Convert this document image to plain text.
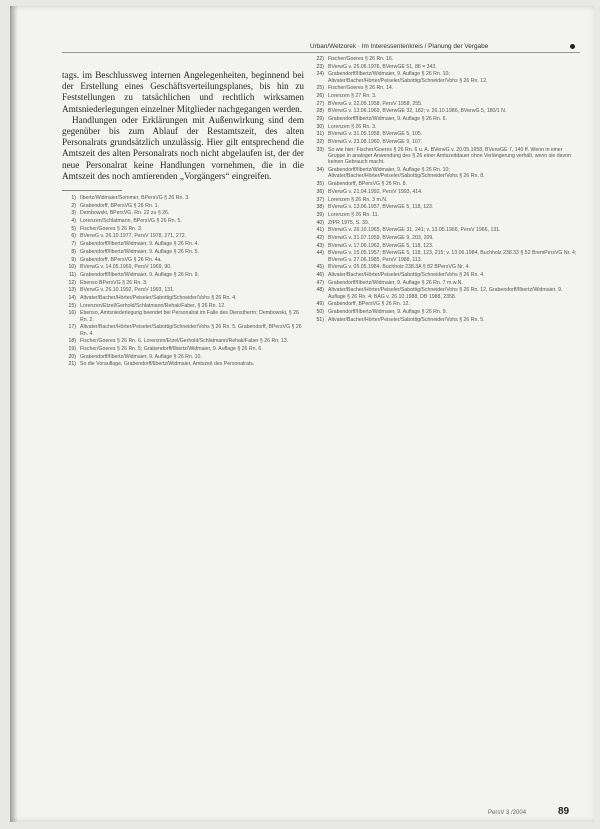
Urban/Wetzorek · Im Interessentenkreis / Planung der Vergabe

tags. im Beschlussweg internen Angelegenheiten, beginnend bei der Erstellung eines Geschäftsverteilungsplanes, bis hin zu Feststellungen zu tatsächlichen und rechtlich wirksamen Amtsniederlegungen einzelner Mitglieder nachgegangen werden.

Handlungen oder Erklärungen mit Außenwirkung sind dem gegenüber bis zum Ablauf der Restamtszeit, des alten Personalrats grundsätzlich unzulässig. Hier gilt entsprechend die Amtszeit des alten Personalrats noch nicht abgelaufen ist, der der neue Personalrat keine Handlungen vornehmen, die in die Amtszeit des noch amtierenden „Vorgängers“ eingreifen.

1) Ilbertz/Widmaier/Sommer, BPersVG § 26 Rn. 3.
2) Grabendorff, BPersVG § 26 Rn. 1.
3) Dembowski, BPersVG, Rn. 22 zu § 26.
4) Lorenzen/Schlatmann, BPersVG § 26 Rn. 5.
5) Fischer/Goeres § 26 Rn. 3.
6) BVerwG v. 26.10.1977, PersV 1978, 271, 272.
7) Grabendorff/Ilbertz/Widmaier, 9. Auflage § 26 Rn. 4.
8) Grabendorff/Ilbertz/Widmaier, 9. Auflage § 26 Rn. 5.
9) Grabendorff, BPersVG § 26 Rn. 4a.
10) BVerwG v. 14.05.1969, PersV 1969, 90.
11) Grabendorff/Ilbertz/Widmaier, 9. Auflage § 26 Rn. 9.
12) Ebenso BPersVG § 26 Rn. 3.
13) BVerwG v. 26.10.1992, PersV 1993, 131.
14) Altvater/Bacher/Hörter/Peiseler/Sabottig/Schneider/Vohs § 26 Rn. 4.
15) Lorenzen/Etzel/Gerhold/Schlatmann/Rehak/Faber, § 26 Rn. 12.
16) Ebenso, Amtsniederlegung beendet bei Personalrat im Falle des Dienstherrn; Dembowski, § 26 Rn. 2.
17) Altvater/Bacher/Hörter/Peiseler/Sabottig/Schneider/Vohs § 26 Rn. 5. Grabendorff, BPersVG § 26 Rn. 4.
18) Fischer/Goeres § 26 Rn. 6. Lorenzen/Etzel/Gerhold/Schlatmann/Rehak/Faber § 26 Rn. 13.
19) Fischer/Goeres § 26 Rn. 5; Grabendorff/Ilbertz/Widmaier, 9. Auflage § 26 Rn. 6.
20) Grabendorff/Ilbertz/Widmaier, 9. Auflage § 26 Rn. 10.
21) So die Vorauflage, Grabendorff/Ilbertz/Widmaier, Amtszeit des Personalrats.
22) Fischer/Goeres § 26 Rn. 16.
23) BVerwG v. 25.06.1976, BVerwGE 51, 86 = 343.
24) Grabendorff/Ilbertz/Widmaier, 9. Auflage § 26 Rn. 10; Altvater/Bacher/Hörter/Peiseler/Sabottig/Schneider/Vohs § 26 Rn. 12.
25) Fischer/Goeres § 26 Rn. 14.
26) Lorenzen § 27 Rn. 3.
27) BVerwG v. 22.09.1958, PersV 1958, 255.
28) BVerwG v. 13.06.1969, BVerwGE 32, 182; v. 26.10.1986, BVerwG 5, 180/1 N.
29) Grabendorff/Ilbertz/Widmaier, 9. Auflage § 26 Rn. 6.
30) Lorenzen § 26 Rn. 3.
31) BVerwG v. 31.05.1958, BVerwGE 5, 105.
32) BVerwG v. 23.08.1960, BVerwGE 9, 107.
33) So wie hier: Fischer/Goeres § 26 Rn. 6 u. A. BVerwG v. 20.05.1958, BVerwGE 7, 140 ff. Wenn in einer Gruppe in analoger Anwendung des § 26 einer Amtszeitdauer ohne Verlängerung verhält, wenn sie davon keinen Gebrauch macht.
34) Grabendorff/Ilbertz/Widmaier, 9. Auflage § 26 Rn. 10; Altvater/Bacher/Hörter/Peiseler/Sabottig/Schneider/Vohs § 26 Rn. 8.
35) Grabendorff, BPersVG § 26 Rn. 8.
36) BVerwG v. 21.04.1992, PersV 1993, 414.
37) Lorenzen § 26 Rn. 3 m.N.
38) BVerwG v. 13.06.1957, BVerwGE 5, 118, 123.
39) Lorenzen § 26 Rn. 11.
40) ZfPR 1975, S. 39.
41) BVerwG v. 26.10.1965, BVerwGE 31, 241; v. 13.05.1966, PersV 1966, 131.
42) BVerwG v. 31.07.1959, BVerwGE 9, 203, 209.
43) BVerwG v. 17.06.1962, BVerwGE 5, 118, 123.
44) BVerwG v. 15.05.1957; BVerwGE 5, 118, 123, 215; v. 13.06.1984, Buchholz 238.33 § 52 BremPersVG Nr. 4; BVerwG v. 27.06.1985, PersV 1988, 113.
45) BVerwG v. 05.05.1984, Buchholz 238.3A § 82 BPersVG Nr. 4.
46) Altvater/Bacher/Hörter/Peiseler/Sabottig/Schneider/Vohs § 26 Rn. 4.
47) Grabendorff/Ilbertz/Widmaier, 9. Auflage § 26 Rn. 7 m.w.N.
48) Altvater/Bacher/Hörter/Peiseler/Sabottig/Schneider/Vohs § 26 Rn. 12, Grabendorff/Ilbertz/Widmaier, 9. Auflage § 26 Rn. 4; BAG v. 26.10.1988, DB 1988, 2358.
49) Grabendorff, BPersVG § 26 Rn. 12.
50) Grabendorff/Ilbertz/Widmaier, 9. Auflage § 26 Rn. 9.
51) Altvater/Bacher/Hörter/Peiseler/Sabottig/Schneider/Vohs § 26 Rn. 5.
PersV 3 /2004	89
